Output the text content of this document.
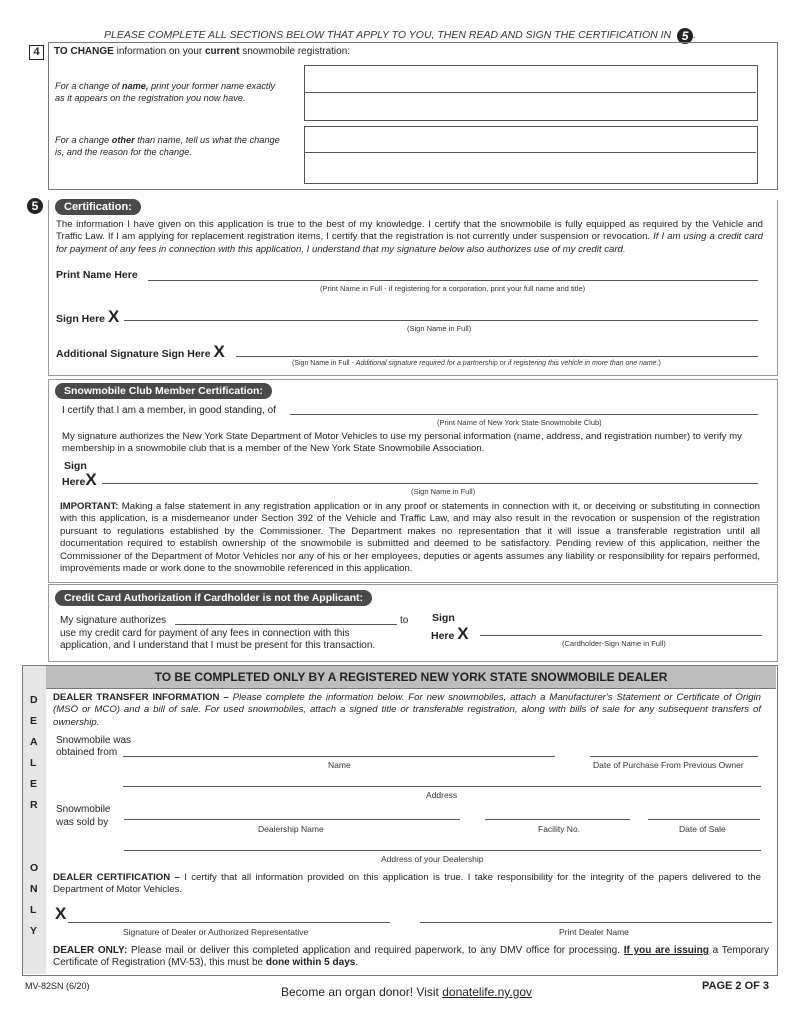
PLEASE COMPLETE ALL SECTIONS BELOW THAT APPLY TO YOU, THEN READ AND SIGN THE CERTIFICATION IN 5 .
4	TO CHANGE information on your current snowmobile registration:
For a change of name, print your former name exactly as it appears on the registration you now have.
For a change other than name, tell us what the change is, and the reason for the change.
5	Certification:
The information I have given on this application is true to the best of my knowledge. I certify that the snowmobile is fully equipped as required by the Vehicle and Traffic Law. If I am applying for replacement registration items, I certify that the registration is not currently under suspension or revocation. If I am using a credit card for payment of any fees in connection with this application, I understand that my signature below also authorizes use of my credit card.
Print Name Here
(Print Name in Full - if registering for a corporation, print your full name and title)
Sign Here X
(Sign Name in Full)
Additional Signature Sign Here X
(Sign Name in Full - Additional signature required for a partnership or if registering this vehicle in more than one name.)
Snowmobile Club Member Certification:
I certify that I am a member, in good standing, of
(Print Name of New York State Snowmobile Club)
My signature authorizes the New York State Department of Motor Vehicles to use my personal information (name, address, and registration number) to verify my membership in a snowmobile club that is a member of the New York State Snowmobile Association.
Sign
HereX
(Sign Name in Full)
IMPORTANT: Making a false statement in any registration application or in any proof or statements in connection with it, or deceiving or substituting in connection with this application, is a misdemeanor under Section 392 of the Vehicle and Traffic Law, and may also result in the revocation or suspension of the registration pursuant to regulations established by the Commissioner. The Department makes no representation that it will issue a transferable registration until all documentation required to establish ownership of the snowmobile is submitted and deemed to be satisfactory. Pending review of this application, neither the Commissioner of the Department of Motor Vehicles nor any of his or her employees, deputies or agents assumes any liability or responsibility for repairs performed, improvements made or work done to the snowmobile referenced in this application.
Credit Card Authorization if Cardholder is not the Applicant:
My signature authorizes	to
use my credit card for payment of any fees in connection with this
application, and I understand that I must be present for this transaction.
Sign
Here X
(Cardholder-Sign Name in Full)
TO BE COMPLETED ONLY BY A REGISTERED NEW YORK STATE SNOWMOBILE DEALER
D
E
A
L
E
R
O
N
L
Y
DEALER TRANSFER INFORMATION – Please complete the information below. For new snowmobiles, attach a Manufacturer's Statement or Certificate of Origin (MSO or MCO) and a bill of sale. For used snowmobiles, attach a signed title or transferable registration, along with bills of sale for any subsequent transfers of ownership.
Snowmobile was
obtained from
Name	Date of Purchase From Previous Owner
Address
Snowmobile
was sold by
Dealership Name	Facility No.	Date of Sale
Address of your Dealership
DEALER CERTIFICATION – I certify that all information provided on this application is true. I take responsibility for the integrity of the papers delivered to the Department of Motor Vehicles.
X
Signature of Dealer or Authorized Representative	Print Dealer Name
DEALER ONLY: Please mail or deliver this completed application and required paperwork, to any DMV office for processing. If you are issuing a Temporary Certificate of Registration (MV-53), this must be done within 5 days.
MV-82SN (6/20)	Become an organ donor! Visit donatelife.ny.gov	PAGE 2 OF 3
